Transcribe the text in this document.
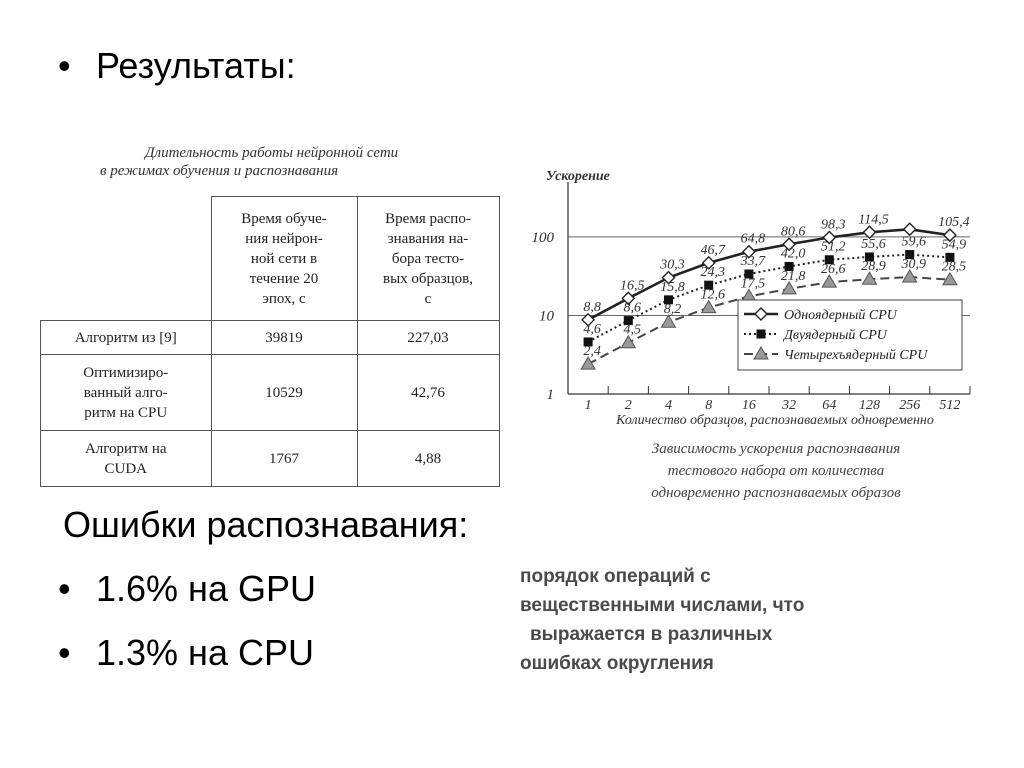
• Результаты:
Длительность работы нейронной сети
в режимах обучения и распознавания
	Время обуче-
ния нейрон-
ной сети в
течение 20
эпох, с	Время распо-
знавания на-
бора тесто-
вых образцов,
с
Алгоритм из [9]	39819	227,03
Оптимизиро-
ванный алго-
ритм на CPU	10529	42,76
Алгоритм на
CUDA	1767	4,88
1
10
100
Ускорение
1 2 4 8 16 32 64 128 256 512
Количество образцов, распознаваемых одновременно
8,8
16,5
30,3
46,7
64,8 80,6 98,3 114,5	105,4
4,6
8,6
15,8
24,3
33,7
42,0 51,2 55,6 59,6 54,9
2,4
4,5
8,2
12,6
17,5 21,8 26,6 28,9 30,9 28,5
Одноядерный CPU
Двуядерный CPU
Четырехъядерный CPU
Зависимость ускорения распознавания
тестового набора от количества
одновременно распознаваемых образов
Ошибки распознавания:
• 1.6% на GPU
• 1.3% на CPU
порядок операций с
вещественными числами, что
выражается в различных
ошибках округления
